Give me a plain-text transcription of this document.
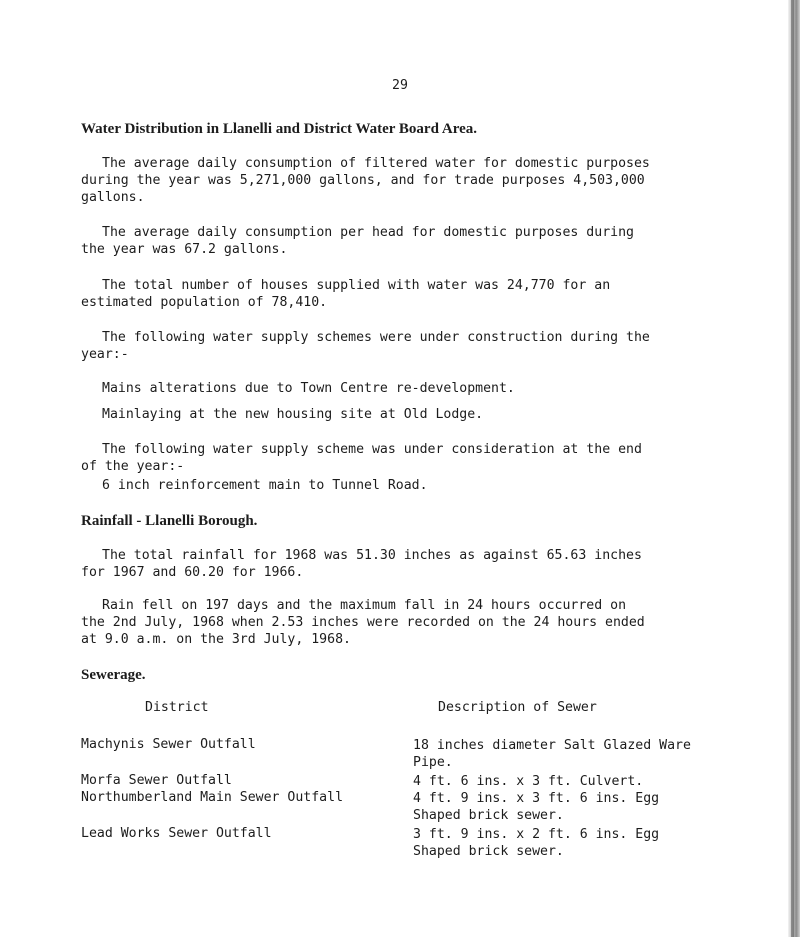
29
Water Distribution in Llanelli and District Water Board Area.
The average daily consumption of filtered water for domestic purposes
during the year was 5,271,000 gallons, and for trade purposes 4,503,000
gallons.
The average daily consumption per head for domestic purposes during
the year was 67.2 gallons.
The total number of houses supplied with water was 24,770 for an
estimated population of 78,410.
The following water supply schemes were under construction during the
year:-
Mains alterations due to Town Centre re-development.
Mainlaying at the new housing site at Old Lodge.
The following water supply scheme was under consideration at the end
of the year:-
6 inch reinforcement main to Tunnel Road.
Rainfall - Llanelli Borough.
The total rainfall for 1968 was 51.30 inches as against 65.63 inches
for 1967 and 60.20 for 1966.
Rain fell on 197 days and the maximum fall in 24 hours occurred on
the 2nd July, 1968 when 2.53 inches were recorded on the 24 hours ended
at 9.0 a.m. on the 3rd July, 1968.
Sewerage.
District	Description of Sewer
Machynis Sewer Outfall	18 inches diameter Salt Glazed Ware
Pipe.
Morfa Sewer Outfall	4 ft. 6 ins. x 3 ft. Culvert.
Northumberland Main Sewer Outfall	4 ft. 9 ins. x 3 ft. 6 ins. Egg
Shaped brick sewer.
Lead Works Sewer Outfall	3 ft. 9 ins. x 2 ft. 6 ins. Egg
Shaped brick sewer.
